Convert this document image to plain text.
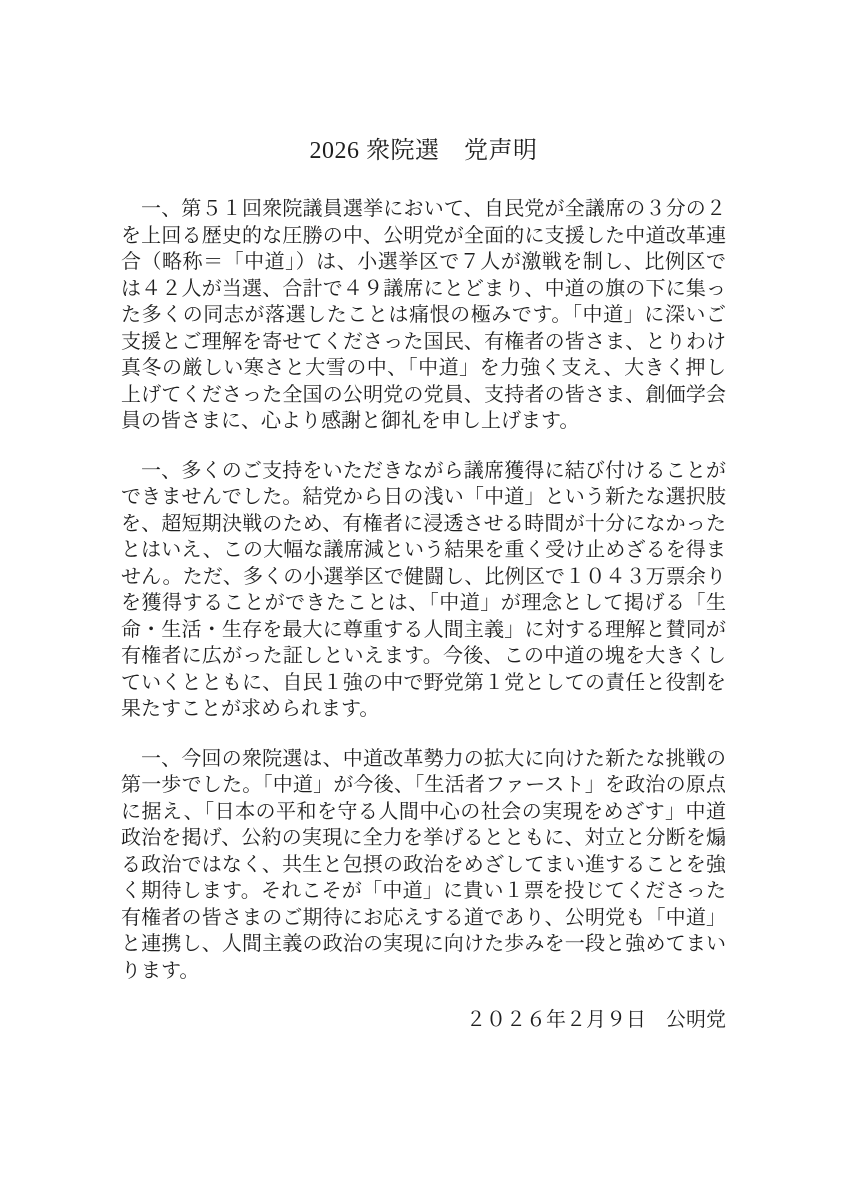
2026 衆院選　党声明

一、第５１回衆院議員選挙において、自民党が全議席の３分の２を上回る歴史的な圧勝の中、公明党が全面的に支援した中道改革連合（略称＝「中道」）は、小選挙区で７人が激戦を制し、比例区では４２人が当選、合計で４９議席にとどまり、中道の旗の下に集った多くの同志が落選したことは痛恨の極みです。「中道」に深いご支援とご理解を寄せてくださった国民、有権者の皆さま、とりわけ真冬の厳しい寒さと大雪の中、「中道」を力強く支え、大きく押し上げてくださった全国の公明党の党員、支持者の皆さま、創価学会員の皆さまに、心より感謝と御礼を申し上げます。

一、多くのご支持をいただきながら議席獲得に結び付けることができませんでした。結党から日の浅い「中道」という新たな選択肢を、超短期決戦のため、有権者に浸透させる時間が十分になかったとはいえ、この大幅な議席減という結果を重く受け止めざるを得ません。ただ、多くの小選挙区で健闘し、比例区で１０４３万票余りを獲得することができたことは、「中道」が理念として掲げる「生命・生活・生存を最大に尊重する人間主義」に対する理解と賛同が有権者に広がった証しといえます。今後、この中道の塊を大きくしていくとともに、自民１強の中で野党第１党としての責任と役割を果たすことが求められます。

一、今回の衆院選は、中道改革勢力の拡大に向けた新たな挑戦の第一歩でした。「中道」が今後、「生活者ファースト」を政治の原点に据え、「日本の平和を守る人間中心の社会の実現をめざす」中道政治を掲げ、公約の実現に全力を挙げるとともに、対立と分断を煽る政治ではなく、共生と包摂の政治をめざしてまい進することを強く期待します。それこそが「中道」に貴い１票を投じてくださった有権者の皆さまのご期待にお応えする道であり、公明党も「中道」と連携し、人間主義の政治の実現に向けた歩みを一段と強めてまいります。

２０２６年２月９日　公明党
